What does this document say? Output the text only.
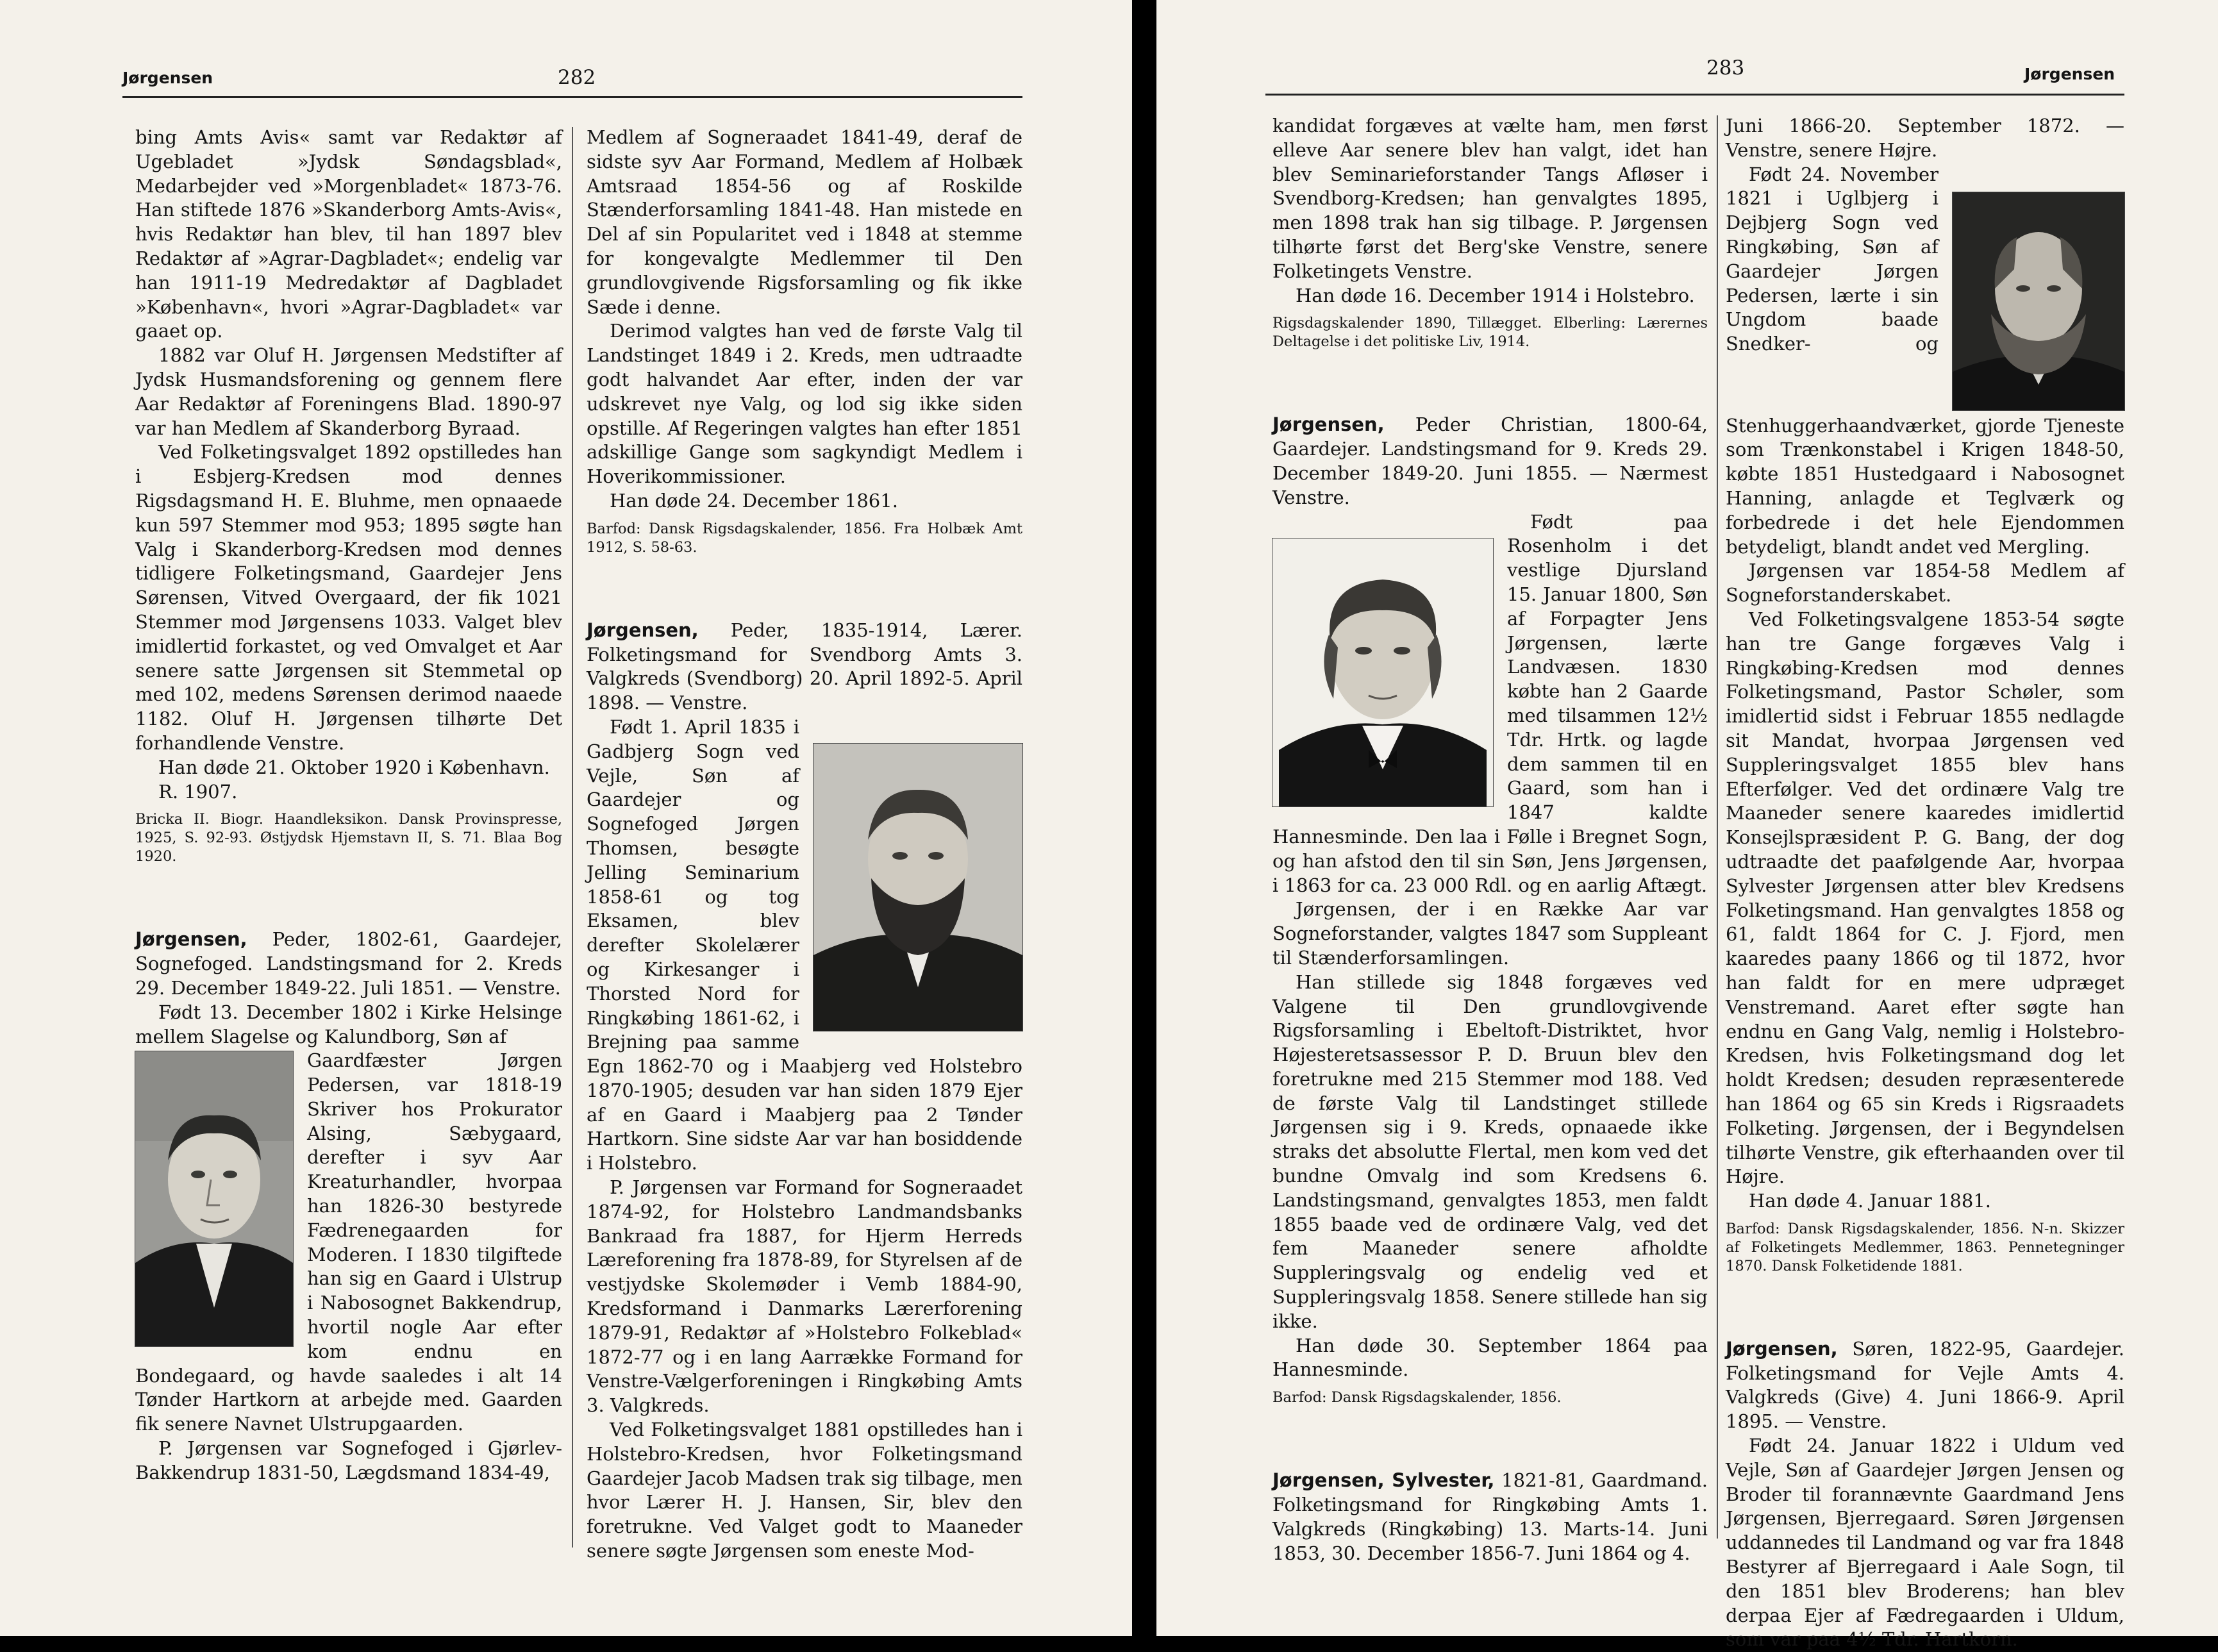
Jørgensen	282

bing Amts Avis« samt var Redaktør af Ugebladet »Jydsk Søndagsblad«, Medarbejder ved »Morgenbladet« 1873-76. Han stiftede 1876 »Skanderborg Amts-Avis«, hvis Redaktør han blev, til han 1897 blev Redaktør af »Agrar-Dagbladet«; endelig var han 1911-19 Medredaktør af Dagbladet »København«, hvori »Agrar-Dagbladet« var gaaet op.

1882 var Oluf H. Jørgensen Medstifter af Jydsk Husmandsforening og gennem flere Aar Redaktør af Foreningens Blad. 1890-97 var han Medlem af Skanderborg Byraad.

Ved Folketingsvalget 1892 opstilledes han i Esbjerg-Kredsen mod dennes Rigsdagsmand H. E. Bluhme, men opnaaede kun 597 Stemmer mod 953; 1895 søgte han Valg i Skanderborg-Kredsen mod dennes tidligere Folketingsmand, Gaardejer Jens Sørensen, Vitved Overgaard, der fik 1021 Stemmer mod Jørgensens 1033. Valget blev imidlertid forkastet, og ved Omvalget et Aar senere satte Jørgensen sit Stemmetal op med 102, medens Sørensen derimod naaede 1182. Oluf H. Jørgensen tilhørte Det forhandlende Venstre.

Han døde 21. Oktober 1920 i København.

R. 1907.

Bricka II. Biogr. Haandleksikon. Dansk Provinspresse, 1925, S. 92-93. Østjydsk Hjemstavn II, S. 71. Blaa Bog 1920.

Jørgensen, Peder, 1802-61, Gaardejer, Sognefoged. Landstingsmand for 2. Kreds 29. December 1849-22. Juli 1851. — Venstre.

Født 13. December 1802 i Kirke Helsinge mellem Slagelse og Kalundborg, Søn af

Gaardfæster Jørgen Pedersen, var 1818-19 Skriver hos Prokurator Alsing, Sæbygaard, derefter i syv Aar Kreaturhandler, hvorpaa han 1826-30 bestyrede Fædrenegaarden for Moderen. I 1830 tilgiftede han sig en Gaard i Ulstrup i Nabosognet Bakkendrup, hvortil nogle Aar efter kom endnu en Bondegaard, og havde saaledes i alt 14 Tønder Hartkorn at arbejde med. Gaarden fik senere Navnet Ulstrupgaarden.

P. Jørgensen var Sognefoged i Gjørlev-Bakkendrup 1831-50, Lægdsmand 1834-49,

Medlem af Sogneraadet 1841-49, deraf de sidste syv Aar Formand, Medlem af Holbæk Amtsraad 1854-56 og af Roskilde Stænderforsamling 1841-48. Han mistede en Del af sin Popularitet ved i 1848 at stemme for kongevalgte Medlemmer til Den grundlovgivende Rigsforsamling og fik ikke Sæde i denne.

Derimod valgtes han ved de første Valg til Landstinget 1849 i 2. Kreds, men udtraadte godt halvandet Aar efter, inden der var udskrevet nye Valg, og lod sig ikke siden opstille. Af Regeringen valgtes han efter 1851 adskillige Gange som sagkyndigt Medlem i Hoverikommissioner.

Han døde 24. December 1861.

Barfod: Dansk Rigsdagskalender, 1856. Fra Holbæk Amt 1912, S. 58-63.

Jørgensen, Peder, 1835-1914, Lærer. Folketingsmand for Svendborg Amts 3. Valgkreds (Svendborg) 20. April 1892-5. April 1898. — Venstre.

Født 1. April 1835 i Gadbjerg Sogn ved Vejle, Søn af Gaardejer og Sognefoged Jørgen Thomsen, besøgte Jelling Seminarium 1858-61 og tog Eksamen, blev derefter Skolelærer og Kirkesanger i Thorsted Nord for Ringkøbing 1861-62, i Brejning paa samme Egn 1862-70 og i Maabjerg ved Holstebro 1870-1905; desuden var han siden 1879 Ejer af en Gaard i Maabjerg paa 2 Tønder Hartkorn. Sine sidste Aar var han bosiddende i Holstebro.

P. Jørgensen var Formand for Sogneraadet 1874-92, for Holstebro Landmandsbanks Bankraad fra 1887, for Hjerm Herreds Læreforening fra 1878-89, for Styrelsen af de vestjydske Skolemøder i Vemb 1884-90, Kredsformand i Danmarks Lærerforening 1879-91, Redaktør af »Holstebro Folkeblad« 1872-77 og i en lang Aarrække Formand for Venstre-Vælgerforeningen i Ringkøbing Amts 3. Valgkreds.

Ved Folketingsvalget 1881 opstilledes han i Holstebro-Kredsen, hvor Folketingsmand Gaardejer Jacob Madsen trak sig tilbage, men hvor Lærer H. J. Hansen, Sir, blev den foretrukne. Ved Valget godt to Maaneder senere søgte Jørgensen som eneste Mod-

283	Jørgensen

kandidat forgæves at vælte ham, men først elleve Aar senere blev han valgt, idet han blev Seminarieforstander Tangs Afløser i Svendborg-Kredsen; han genvalgtes 1895, men 1898 trak han sig tilbage. P. Jørgensen tilhørte først det Berg'ske Venstre, senere Folketingets Venstre.

Han døde 16. December 1914 i Holstebro.

Rigsdagskalender 1890, Tillægget. Elberling: Lærernes Deltagelse i det politiske Liv, 1914.

Jørgensen, Peder Christian, 1800-64, Gaardejer. Landstingsmand for 9. Kreds 29. December 1849-20. Juni 1855. — Nærmest Venstre.

Født paa Rosenholm i det vestlige Djursland 15. Januar 1800, Søn af Forpagter Jens Jørgensen, lærte Landvæsen. 1830 købte han 2 Gaarde med tilsammen 12½ Tdr. Hrtk. og lagde dem sammen til en Gaard, som han i 1847 kaldte Hannesminde. Den laa i Følle i Bregnet Sogn, og han afstod den til sin Søn, Jens Jørgensen, i 1863 for ca. 23 000 Rdl. og en aarlig Aftægt.

Jørgensen, der i en Række Aar var Sogneforstander, valgtes 1847 som Suppleant til Stænderforsamlingen.

Han stillede sig 1848 forgæves ved Valgene til Den grundlovgivende Rigsforsamling i Ebeltoft-Distriktet, hvor Højesteretsassessor P. D. Bruun blev den foretrukne med 215 Stemmer mod 188. Ved de første Valg til Landstinget stillede Jørgensen sig i 9. Kreds, opnaaede ikke straks det absolutte Flertal, men kom ved det bundne Omvalg ind som Kredsens 6. Landstingsmand, genvalgtes 1853, men faldt 1855 baade ved de ordinære Valg, ved det fem Maaneder senere afholdte Suppleringsvalg og endelig ved et Suppleringsvalg 1858. Senere stillede han sig ikke.

Han døde 30. September 1864 paa Hannesminde.

Barfod: Dansk Rigsdagskalender, 1856.

Jørgensen, Sylvester, 1821-81, Gaardmand. Folketingsmand for Ringkøbing Amts 1. Valgkreds (Ringkøbing) 13. Marts-14. Juni 1853, 30. December 1856-7. Juni 1864 og 4.

Juni 1866-20. September 1872. — Venstre, senere Højre.

Født 24. November 1821 i Uglbjerg i Dejbjerg Sogn ved Ringkøbing, Søn af Gaardejer Jørgen Pedersen, lærte i sin Ungdom baade Snedker- og Stenhuggerhaandværket, gjorde Tjeneste som Trænkonstabel i Krigen 1848-50, købte 1851 Hustedgaard i Nabosognet Hanning, anlagde et Teglværk og forbedrede i det hele Ejendommen betydeligt, blandt andet ved Mergling.

Jørgensen var 1854-58 Medlem af Sogneforstanderskabet.

Ved Folketingsvalgene 1853-54 søgte han tre Gange forgæves Valg i Ringkøbing-Kredsen mod dennes Folketingsmand, Pastor Schøler, som imidlertid sidst i Februar 1855 nedlagde sit Mandat, hvorpaa Jørgensen ved Suppleringsvalget 1855 blev hans Efterfølger. Ved det ordinære Valg tre Maaneder senere kaaredes imidlertid Konsejlspræsident P. G. Bang, der dog udtraadte det paafølgende Aar, hvorpaa Sylvester Jørgensen atter blev Kredsens Folketingsmand. Han genvalgtes 1858 og 61, faldt 1864 for C. J. Fjord, men kaaredes paany 1866 og til 1872, hvor han faldt for en mere udpræget Venstremand. Aaret efter søgte han endnu en Gang Valg, nemlig i Holstebro-Kredsen, hvis Folketingsmand dog let holdt Kredsen; desuden repræsenterede han 1864 og 65 sin Kreds i Rigsraadets Folketing. Jørgensen, der i Begyndelsen tilhørte Venstre, gik efterhaanden over til Højre.

Han døde 4. Januar 1881.

Barfod: Dansk Rigsdagskalender, 1856. N-n. Skizzer af Folketingets Medlemmer, 1863. Pennetegninger 1870. Dansk Folketidende 1881.

Jørgensen, Søren, 1822-95, Gaardejer. Folketingsmand for Vejle Amts 4. Valgkreds (Give) 4. Juni 1866-9. April 1895. — Venstre.

Født 24. Januar 1822 i Uldum ved Vejle, Søn af Gaardejer Jørgen Jensen og Broder til forannævnte Gaardmand Jens Jørgensen, Bjerregaard. Søren Jørgensen uddannedes til Landmand og var fra 1848 Bestyrer af Bjerregaard i Aale Sogn, til den 1851 blev Broderens; han blev derpaa Ejer af Fædregaarden i Uldum, som var paa 4½ Tdr. Hartkorn.
